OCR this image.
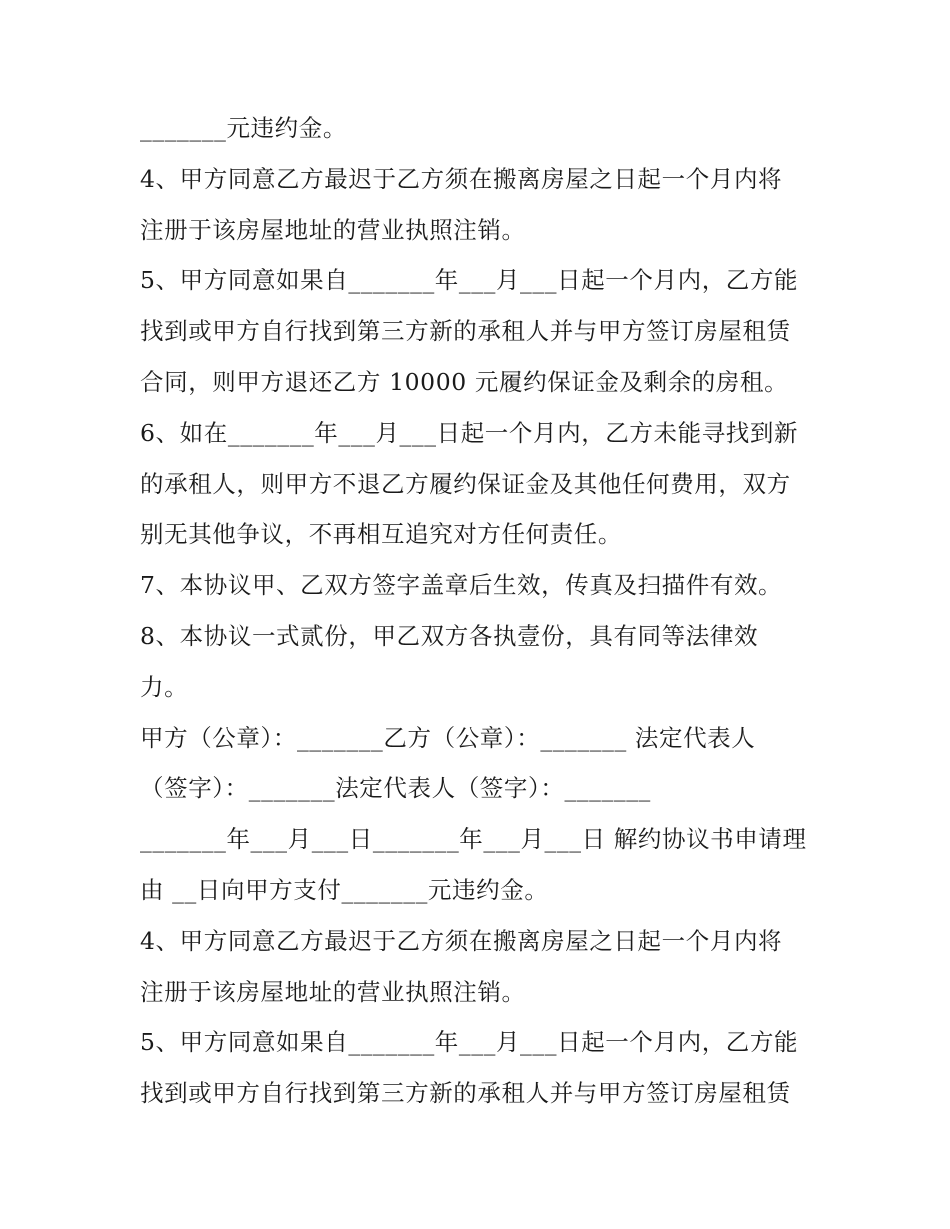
_______元违约金。
4、甲方同意乙方最迟于乙方须在搬离房屋之日起一个月内将
注册于该房屋地址的营业执照注销。
5、甲方同意如果自_______年___月___日起一个月内，乙方能
找到或甲方自行找到第三方新的承租人并与甲方签订房屋租赁
合同，则甲方退还乙方 10000 元履约保证金及剩余的房租。
6、如在_______年___月___日起一个月内，乙方未能寻找到新
的承租人，则甲方不退乙方履约保证金及其他任何费用，双方
别无其他争议，不再相互追究对方任何责任。
7、本协议甲、乙双方签字盖章后生效，传真及扫描件有效。
8、本协议一式贰份，甲乙双方各执壹份，具有同等法律效
力。
甲方（公章）：_______乙方（公章）：_______ 法定代表人
（签字）：_______法定代表人（签字）：_______
_______年___月___日_______年___月___日 解约协议书申请理
由 __日向甲方支付_______元违约金。
4、甲方同意乙方最迟于乙方须在搬离房屋之日起一个月内将
注册于该房屋地址的营业执照注销。
5、甲方同意如果自_______年___月___日起一个月内，乙方能
找到或甲方自行找到第三方新的承租人并与甲方签订房屋租赁
